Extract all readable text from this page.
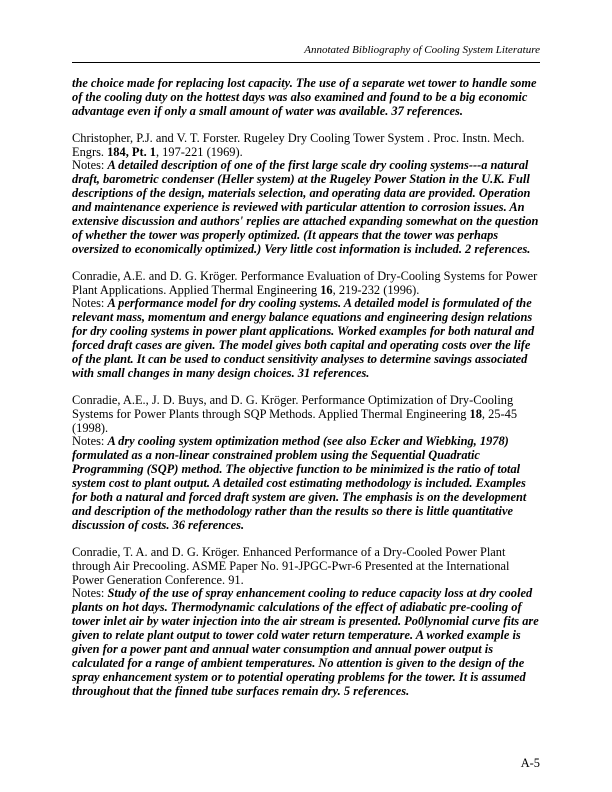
Annotated Bibliography of Cooling System Literature

the choice made for replacing lost capacity. The use of a separate wet tower to handle some of the cooling duty on the hottest days was also examined and found to be a big economic advantage even if only a small amount of water was available. 37 references.

Christopher, P.J. and V. T. Forster. Rugeley Dry Cooling Tower System . Proc. Instn. Mech. Engrs. 184, Pt. 1, 197-221 (1969).

Notes: A detailed description of one of the first large scale dry cooling systems---a natural draft, barometric condenser (Heller system) at the Rugeley Power Station in the U.K. Full descriptions of the design, materials selection, and operating data are provided. Operation and maintenance experience is reviewed with particular attention to corrosion issues. An extensive discussion and authors' replies are attached expanding somewhat on the question of whether the tower was properly optimized. (It appears that the tower was perhaps oversized to economically optimized.) Very little cost information is included. 2 references.

Conradie, A.E. and D. G. Kröger. Performance Evaluation of Dry-Cooling Systems for Power Plant Applications. Applied Thermal Engineering 16, 219-232 (1996).

Notes: A performance model for dry cooling systems. A detailed model is formulated of the relevant mass, momentum and energy balance equations and engineering design relations for dry cooling systems in power plant applications. Worked examples for both natural and forced draft cases are given. The model gives both capital and operating costs over the life of the plant. It can be used to conduct sensitivity analyses to determine savings associated with small changes in many design choices. 31 references.

Conradie, A.E., J. D. Buys, and D. G. Kröger. Performance Optimization of Dry-Cooling Systems for Power Plants through SQP Methods. Applied Thermal Engineering 18, 25-45 (1998).

Notes: A dry cooling system optimization method (see also Ecker and Wiebking, 1978) formulated as a non-linear constrained problem using the Sequential Quadratic Programming (SQP) method. The objective function to be minimized is the ratio of total system cost to plant output. A detailed cost estimating methodology is included. Examples for both a natural and forced draft system are given. The emphasis is on the development and description of the methodology rather than the results so there is little quantitative discussion of costs. 36 references.

Conradie, T. A. and D. G. Kröger. Enhanced Performance of a Dry-Cooled Power Plant through Air Precooling. ASME Paper No. 91-JPGC-Pwr-6 Presented at the International Power Generation Conference. 91.

Notes: Study of the use of spray enhancement cooling to reduce capacity loss at dry cooled plants on hot days. Thermodynamic calculations of the effect of adiabatic pre-cooling of tower inlet air by water injection into the air stream is presented. Po0lynomial curve fits are given to relate plant output to tower cold water return temperature. A worked example is given for a power pant and annual water consumption and annual power output is calculated for a range of ambient temperatures. No attention is given to the design of the spray enhancement system or to potential operating problems for the tower. It is assumed throughout that the finned tube surfaces remain dry. 5 references.

A-5
